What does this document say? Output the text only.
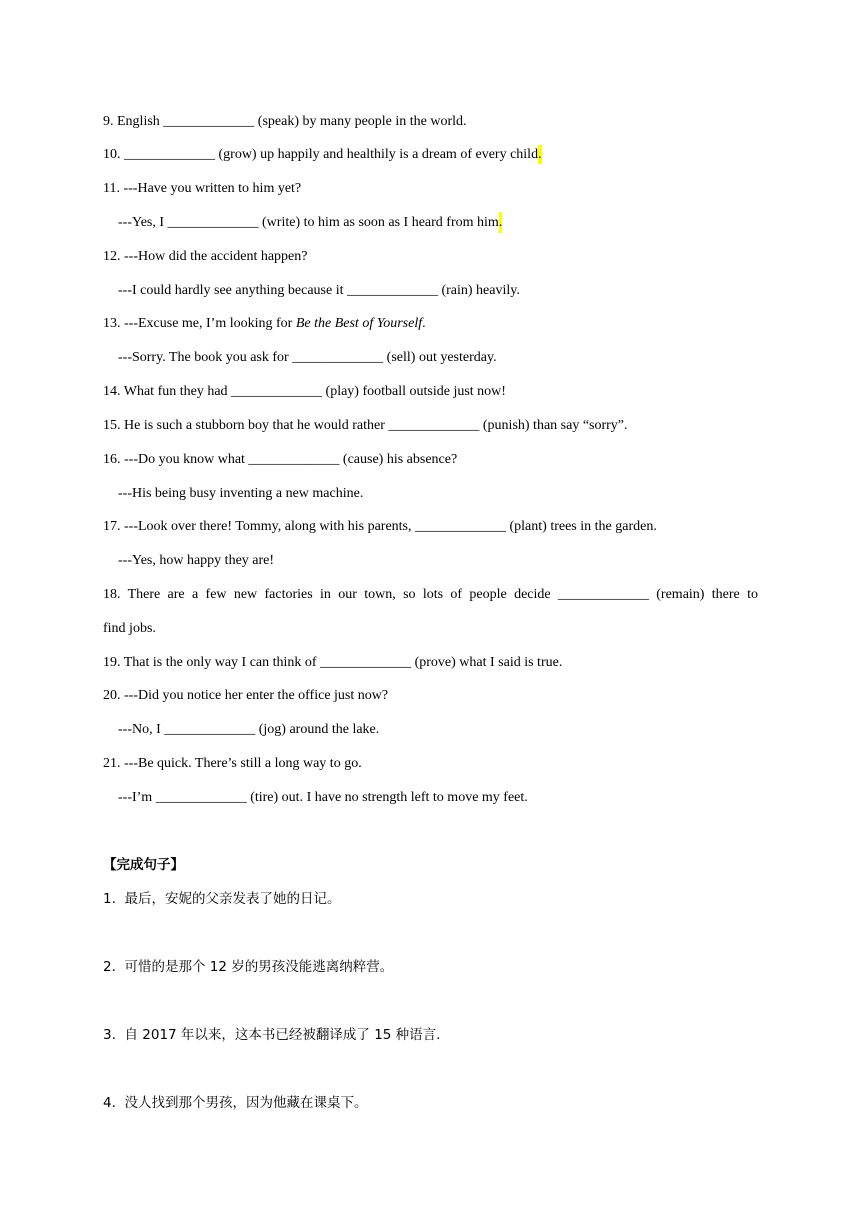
9. English _____________ (speak) by many people in the world.
10. _____________ (grow) up happily and healthily is a dream of every child.
11. ---Have you written to him yet?
---Yes, I _____________ (write) to him as soon as I heard from him.
12. ---How did the accident happen?
---I could hardly see anything because it _____________ (rain) heavily.
13. ---Excuse me, I’m looking for Be the Best of Yourself.
---Sorry. The book you ask for _____________ (sell) out yesterday.
14. What fun they had _____________ (play) football outside just now!
15. He is such a stubborn boy that he would rather _____________ (punish) than say “sorry”.
16. ---Do you know what _____________ (cause) his absence?
---His being busy inventing a new machine.
17. ---Look over there! Tommy, along with his parents, _____________ (plant) trees in the garden.
---Yes, how happy they are!
18. There are a few new factories in our town, so lots of people decide _____________ (remain) there to
find jobs.
19. That is the only way I can think of _____________ (prove) what I said is true.
20. ---Did you notice her enter the office just now?
---No, I _____________ (jog) around the lake.
21. ---Be quick. There’s still a long way to go.
---I’m _____________ (tire) out. I have no strength left to move my feet.
【完成句子】
1. 最后，安妮的父亲发表了她的日记。
2. 可惜的是那个 12 岁的男孩没能逃离纳粹营。
3. 自 2017 年以来，这本书已经被翻译成了 15 种语言.
4. 没人找到那个男孩，因为他藏在课桌下。
